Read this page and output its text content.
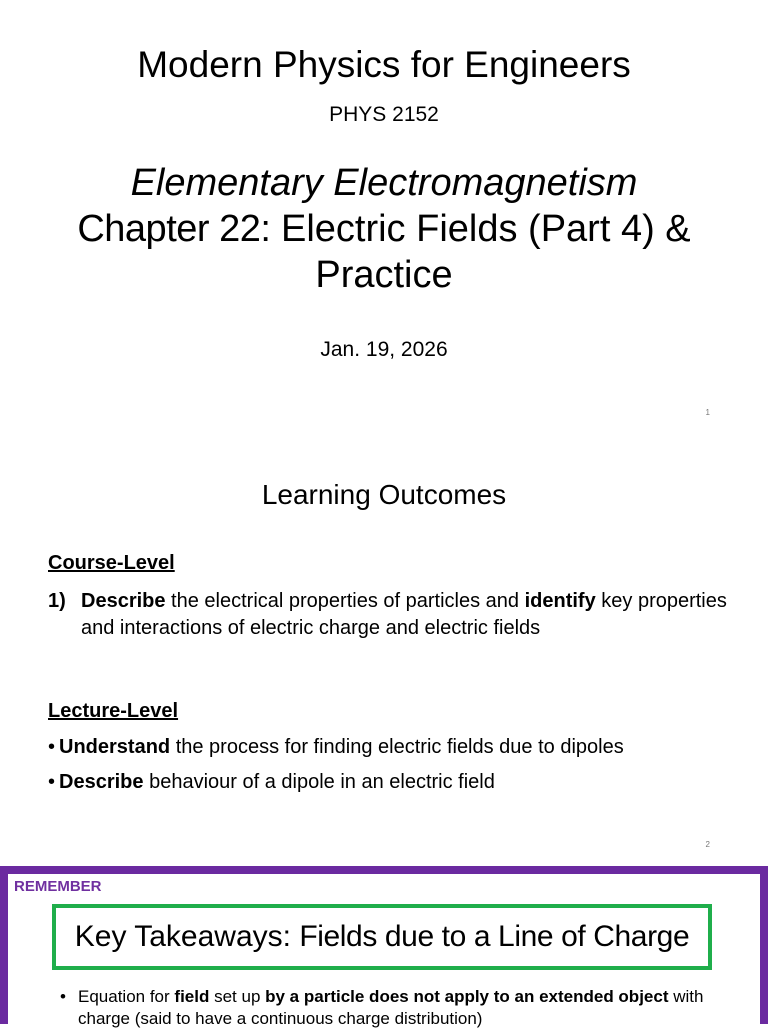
Modern Physics for Engineers
PHYS 2152
Elementary Electromagnetism
Chapter 22: Electric Fields (Part 4) &
Practice
Jan. 19, 2026
1
Learning Outcomes
Course-Level
1) Describe the electrical properties of particles and identify key properties and interactions of electric charge and electric fields
Lecture-Level
• Understand the process for finding electric fields due to dipoles
• Describe behaviour of a dipole in an electric field
2
REMEMBER
Key Takeaways: Fields due to a Line of Charge
• Equation for field set up by a particle does not apply to an extended object with charge (said to have a continuous charge distribution)
